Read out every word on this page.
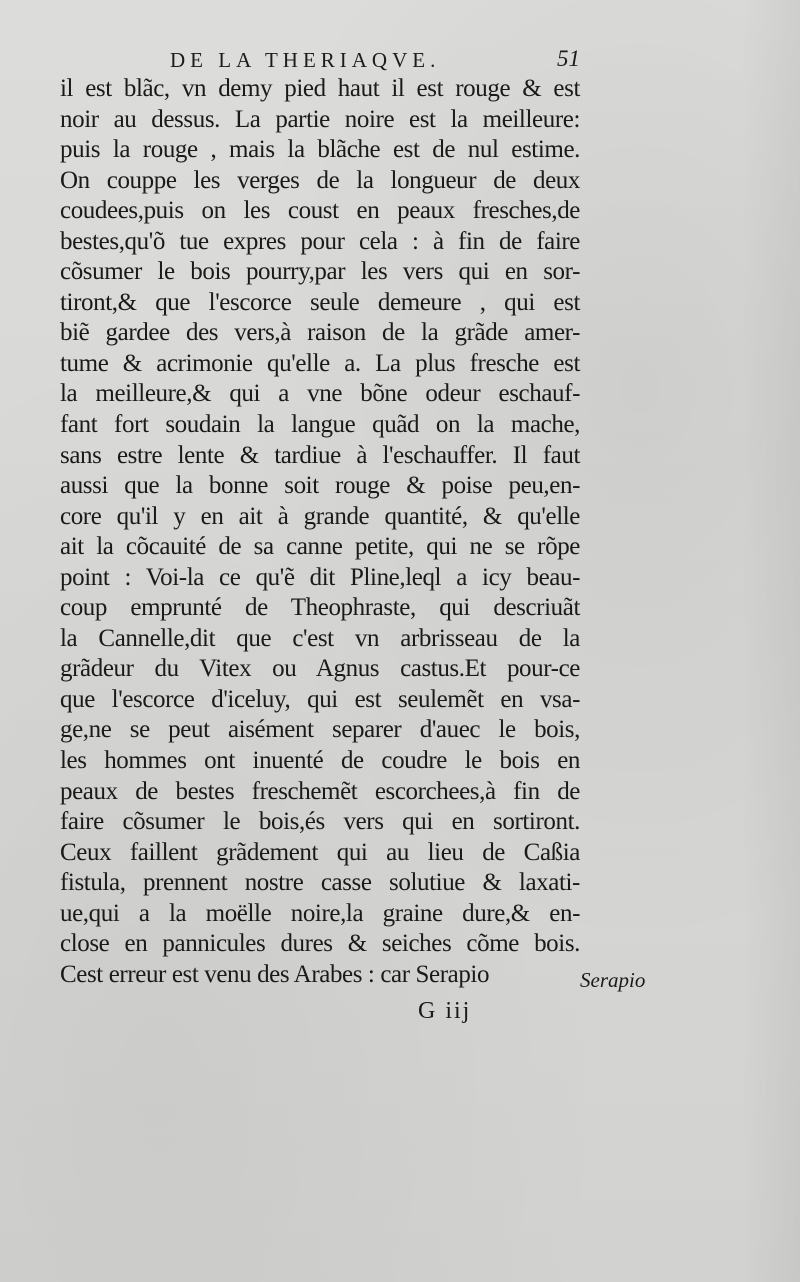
DE LA THERIAQVE.	51
il est blãc, vn demy pied haut il est rouge & est
noir au dessus. La partie noire est la meilleure:
puis la rouge , mais la blãche est de nul estime.
On couppe les verges de la longueur de deux
coudees,puis on les coust en peaux fresches,de
bestes,qu'õ tue expres pour cela : à fin de faire
cõsumer le bois pourry,par les vers qui en sor-
tiront,& que l'escorce seule demeure , qui est
biẽ gardee des vers,à raison de la grãde amer-
tume & acrimonie qu'elle a. La plus fresche est
la meilleure,& qui a vne bõne odeur eschauf-
fant fort soudain la langue quãd on la mache,
sans estre lente & tardiue à l'eschauffer. Il faut
aussi que la bonne soit rouge & poise peu,en-
core qu'il y en ait à grande quantité, & qu'elle
ait la cõcauité de sa canne petite, qui ne se rõpe
point : Voi-la ce qu'ẽ dit Pline,leql a icy beau-
coup emprunté de Theophraste, qui descriuãt
la Cannelle,dit que c'est vn arbrisseau de la
grãdeur du Vitex ou Agnus castus.Et pour-ce
que l'escorce d'iceluy, qui est seulemẽt en vsa-
ge,ne se peut aisément separer d'auec le bois,
les hommes ont inuenté de coudre le bois en
peaux de bestes freschemẽt escorchees,à fin de
faire cõsumer le bois,és vers qui en sortiront.
Ceux faillent grãdement qui au lieu de Caßia
fistula, prennent nostre casse solutiue & laxati-
ue,qui a la moëlle noire,la graine dure,& en-
close en pannicules dures & seiches cõme bois.
Cest erreur est venu des Arabes : car Serapio	Serapio
G iij
